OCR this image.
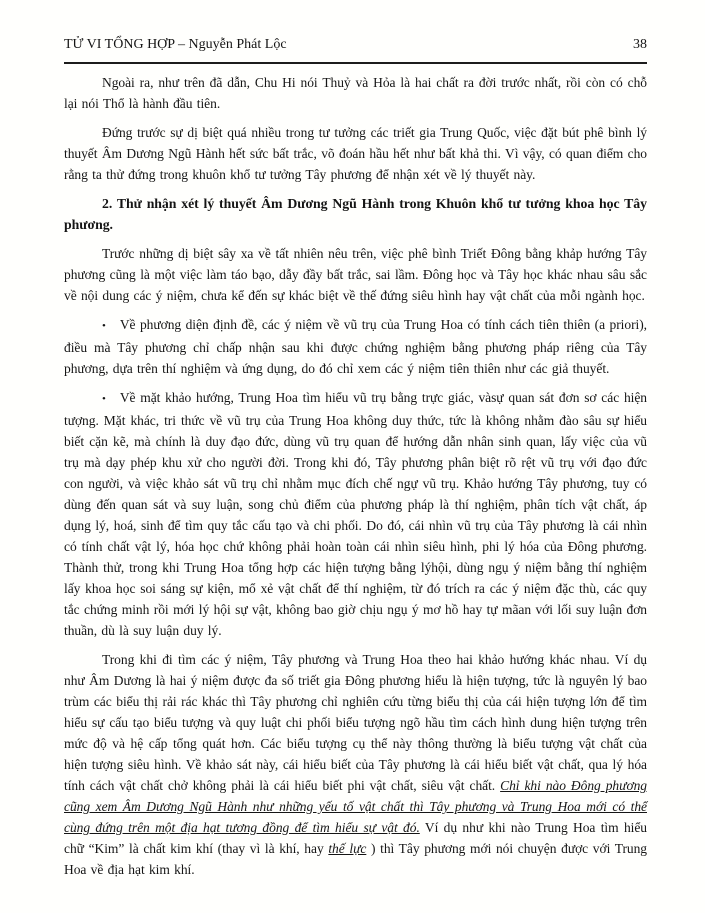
TỬ VI TỔNG HỢP – Nguyễn Phát Lộc	38

Ngoài ra, như trên đã dẫn, Chu Hi nói Thuỷ và Hỏa là hai chất ra đời trước nhất, rồi còn có chỗ lại nói Thổ là hành đầu tiên.

Đứng trước sự dị biệt quá nhiều trong tư tưởng các triết gia Trung Quốc, việc đặt bút phê bình lý thuyết Âm Dương Ngũ Hành hết sức bất trắc, võ đoán hầu hết như bất khả thi. Vì vậy, có quan điểm cho rằng ta thử đứng trong khuôn khổ tư tưởng Tây phương để nhận xét về lý thuyết này.

2. Thử nhận xét lý thuyết Âm Dương Ngũ Hành trong Khuôn khổ tư tưởng khoa học Tây phương.

Trước những dị biệt sây xa về tất nhiên nêu trên, việc phê bình Triết Đông bằng khảp hướng Tây phương cũng là một việc làm táo bạo, dẫy đầy bất trắc, sai lầm. Đông học và Tây học khác nhau sâu sắc về nội dung các ý niệm, chưa kể đến sự khác biệt về thế đứng siêu hình hay vật chất của mỗi ngành học.

• Về phương diện định đề, các ý niệm về vũ trụ của Trung Hoa có tính cách tiên thiên (a priori), điều mà Tây phương chỉ chấp nhận sau khi được chứng nghiệm bằng phương pháp riêng của Tây phương, dựa trên thí nghiệm và ứng dụng, do đó chỉ xem các ý niệm tiên thiên như các giả thuyết.

• Về mặt khảo hướng, Trung Hoa tìm hiểu vũ trụ bằng trực giác, vàsự quan sát đơn sơ các hiện tượng. Mặt khác, tri thức về vũ trụ của Trung Hoa không duy thức, tức là không nhằm đào sâu sự hiểu biết cặn kẽ, mà chính là duy đạo đức, dùng vũ trụ quan để hướng dẫn nhân sinh quan, lấy việc của vũ trụ mà dạy phép khu xử cho người đời. Trong khi đó, Tây phương phân biệt rõ rệt vũ trụ với đạo đức con người, và việc khảo sát vũ trụ chỉ nhằm mục đích chế ngự vũ trụ. Khảo hướng Tây phương, tuy có dùng đến quan sát và suy luận, song chủ điểm của phương pháp là thí nghiệm, phân tích vật chất, áp dụng lý, hoá, sinh để tìm quy tắc cấu tạo và chi phối. Do đó, cái nhìn vũ trụ của Tây phương là cái nhìn có tính chất vật lý, hóa học chứ không phải hoàn toàn cái nhìn siêu hình, phi lý hóa của Đông phương. Thành thử, trong khi Trung Hoa tổng hợp các hiện tượng bằng lýhội, dùng ngụ ý niệm bằng thí nghiệm lấy khoa học soi sáng sự kiện, mổ xẻ vật chất để thí nghiệm, từ đó trích ra các ý niệm đặc thù, các quy tắc chứng minh rồi mới lý hội sự vật, không bao giờ chịu ngụ ý mơ hồ hay tự mãan với lối suy luận đơn thuần, dù là suy luận duy lý.

Trong khi đi tìm các ý niệm, Tây phương và Trung Hoa theo hai khảo hướng khác nhau. Ví dụ như Âm Dương là hai ý niệm được đa số triết gia Đông phương hiểu là hiện tượng, tức là nguyên lý bao trùm các biểu thị rải rác khác thì Tây phương chỉ nghiên cứu từng biểu thị của cái hiện tượng lớn để tìm hiểu sự cấu tạo biểu tượng và quy luật chi phối biểu tượng ngõ hầu tìm cách hình dung hiện tượng trên mức độ và hệ cấp tổng quát hơn. Các biểu tượng cụ thể này thông thường là biểu tượng vật chất của hiện tượng siêu hình. Về khảo sát này, cái hiểu biết của Tây phương là cái hiểu biết vật chất, qua lý hóa tính cách vật chất chở không phải là cái hiểu biết phi vật chất, siêu vật chất. Chỉ khi nào Đông phương cũng xem Âm Dương Ngũ Hành như những yếu tố vật chất thì Tây phương và Trung Hoa mới có thể cùng đứng trên một địa hạt tương đồng để tìm hiểu sự vật đó. Ví dụ như khi nào Trung Hoa tìm hiểu chữ “Kim” là chất kim khí (thay vì là khí, hay thế lực ) thì Tây phương mới nói chuyện được với Trung Hoa về địa hạt kim khí.
